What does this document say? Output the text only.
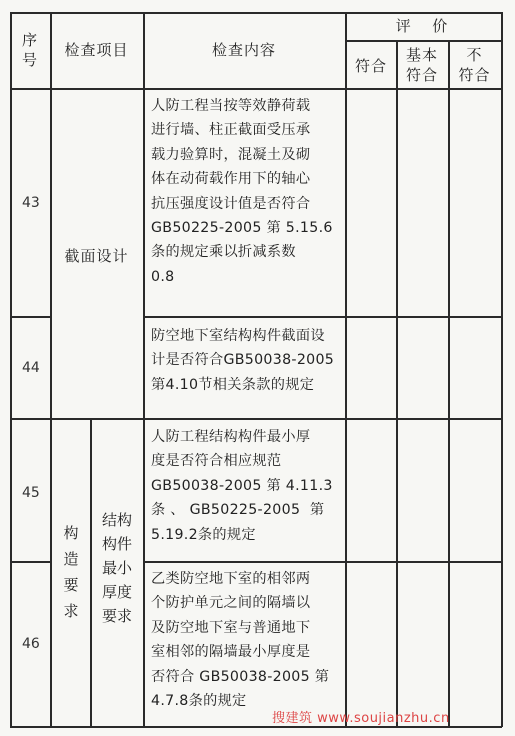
序
号
检查项目	检查内容
评  价
符合
基本
符合
不
符合
43
44
45
46
截面设计
构
造
要
求
结构
构件
最小
厚度
要求
人防工程当按等效静荷载
进行墙、柱正截面受压承
载力验算时，混凝土及砌
体在动荷载作用下的轴心
抗压强度设计值是否符合
GB50225-2005 第 5.15.6
条的规定乘以折减系数
0.8
防空地下室结构构件截面设
计是否符合GB50038-2005
第4.10节相关条款的规定
人防工程结构构件最小厚
度是否符合相应规范
GB50038-2005 第 4.11.3
条 、 GB50225-2005  第
5.19.2条的规定
乙类防空地下室的相邻两
个防护单元之间的隔墙以
及防空地下室与普通地下
室相邻的隔墙最小厚度是
否符合 GB50038-2005 第
4.7.8条的规定
搜建筑 www.soujianzhu.cn
